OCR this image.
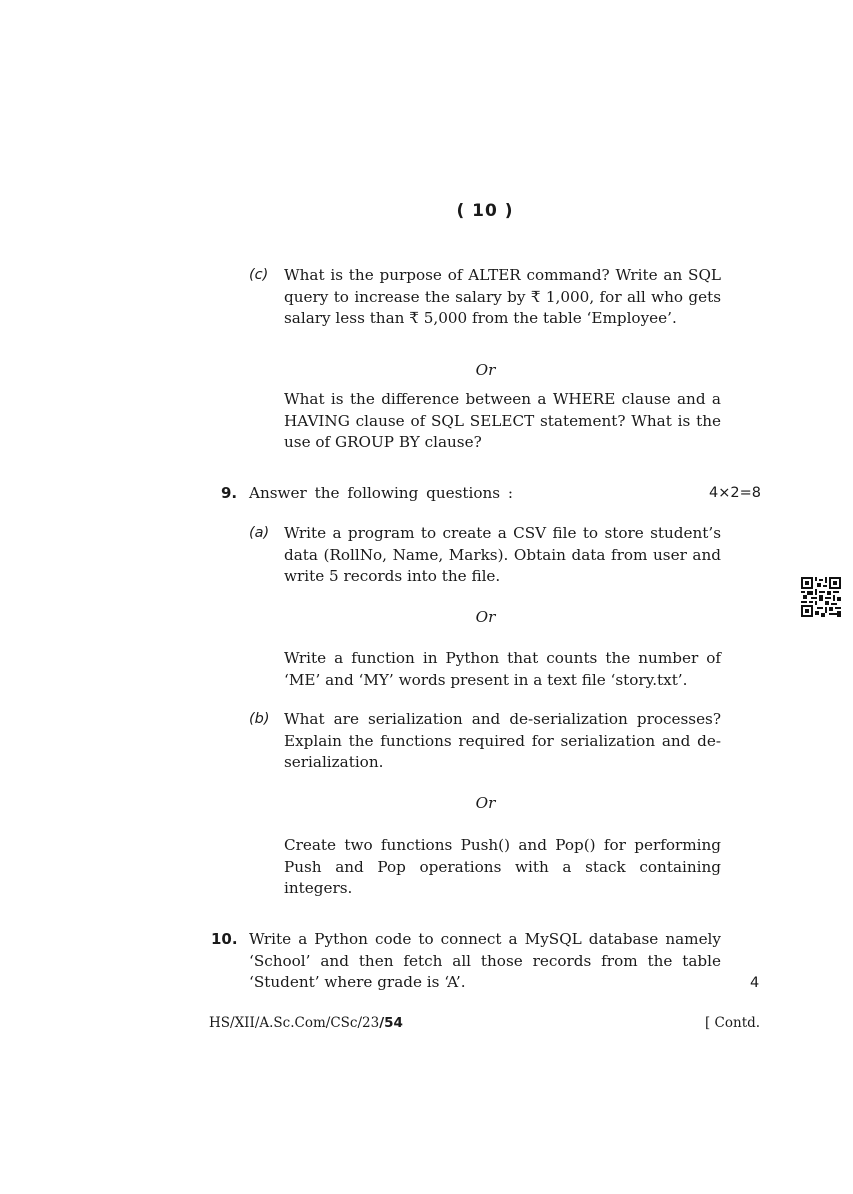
( 10 )
(c) What is the purpose of ALTER command? Write an SQL query to increase the salary by ₹ 1,000, for all who gets salary less than ₹ 5,000 from the table ‘Employee’.
Or
What is the difference between a WHERE clause and a HAVING clause of SQL SELECT statement? What is the use of GROUP BY clause?
9. Answer the following questions :	4×2=8
(a) Write a program to create a CSV file to store student’s data (RollNo, Name, Marks). Obtain data from user and write 5 records into the file.
Or
Write a function in Python that counts the number of ‘ME’ and ‘MY’ words present in a text file ‘story.txt’.
(b) What are serialization and de-serialization processes? Explain the functions required for serialization and de-serialization.
Or
Create two functions Push() and Pop() for performing Push and Pop operations with a stack containing integers.
10. Write a Python code to connect a MySQL database namely ‘School’ and then fetch all those records from the table ‘Student’ where grade is ‘A’.	4
HS/XII/A.Sc.Com/CSc/23/54	[ Contd.
